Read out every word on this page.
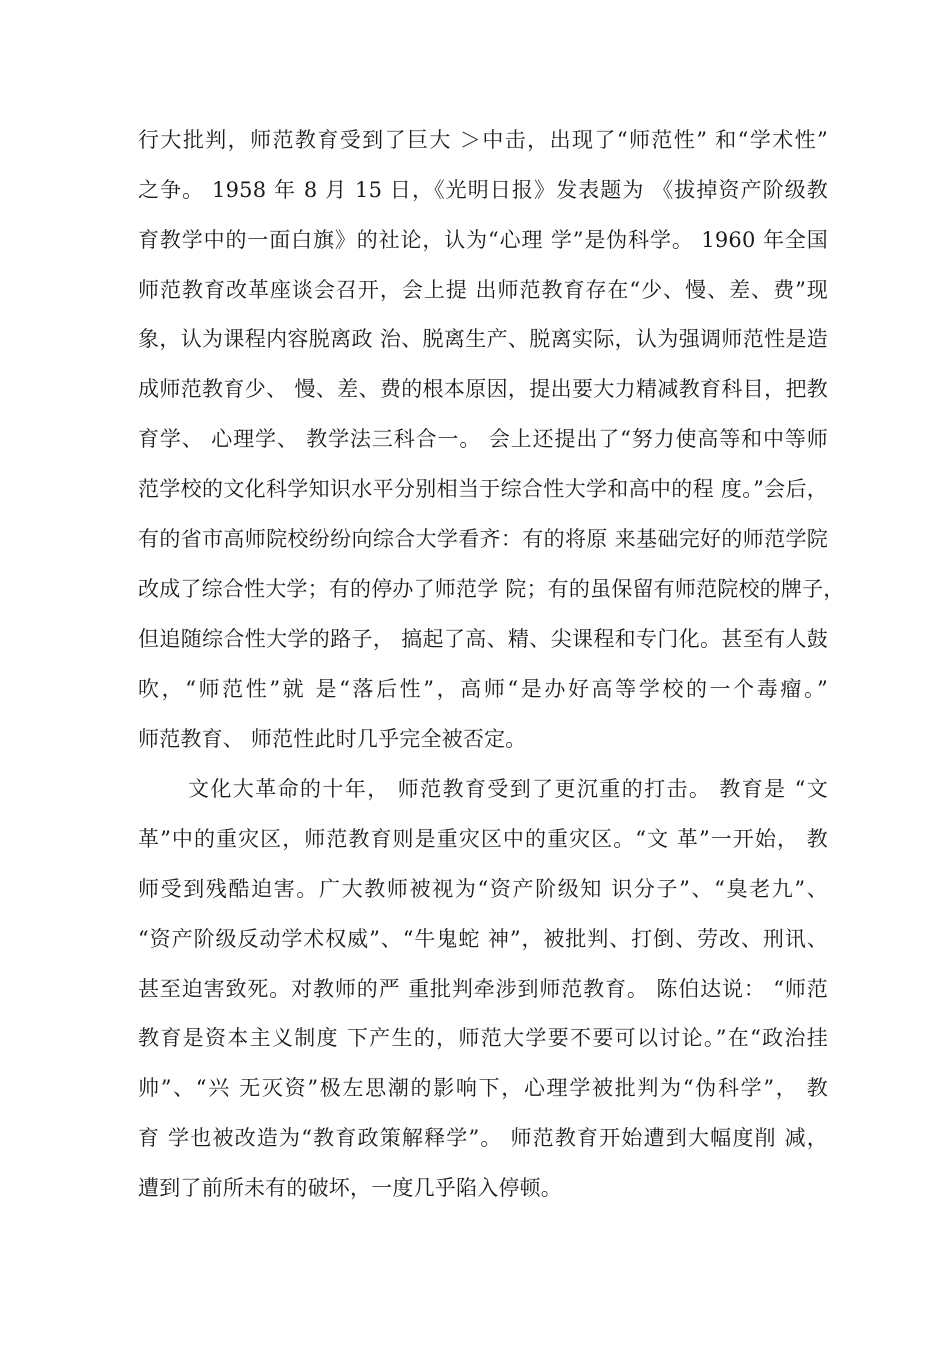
行大批判，师范教育受到了巨大 ＞中击，出现了“师范性” 和“学术性”
之争。 1958 年 8 月 15 日，《光明日报》发表题为 《拔掉资产阶级教
育教学中的一面白旗》的社论，认为“心理 学”是伪科学。 1960 年全国
师范教育改革座谈会召开，会上提 出师范教育存在“少、慢、差、费”现
象，认为课程内容脱离政 治、脱离生产、脱离实际，认为强调师范性是造
成师范教育少、 慢、差、费的根本原因，提出要大力精减教育科目，把教
育学、 心理学、 教学法三科合一。 会上还提出了“努力使高等和中等师
范学校的文化科学知识水平分别相当于综合性大学和高中的程 度。”会后，
有的省市高师院校纷纷向综合大学看齐：有的将原 来基础完好的师范学院
改成了综合性大学；有的停办了师范学 院；有的虽保留有师范院校的牌子，
但追随综合性大学的路子， 搞起了高、精、尖课程和专门化。甚至有人鼓
吹，“师范性”就 是“落后性”，高师“是办好高等学校的一个毒瘤。”
师范教育、 师范性此时几乎完全被否定。
文化大革命的十年， 师范教育受到了更沉重的打击。 教育是 “文
革”中的重灾区，师范教育则是重灾区中的重灾区。“文 革”一开始， 教
师受到残酷迫害。广大教师被视为“资产阶级知 识分子”、“臭老九”、
“资产阶级反动学术权威”、“牛鬼蛇 神”，被批判、打倒、劳改、刑讯、
甚至迫害致死。对教师的严 重批判牵涉到师范教育。 陈伯达说： “师范
教育是资本主义制度 下产生的，师范大学要不要可以讨论。”在“政治挂
帅”、“兴 无灭资”极左思潮的影响下，心理学被批判为“伪科学”， 教
育 学也被改造为“教育政策解释学”。 师范教育开始遭到大幅度削 减，
遭到了前所未有的破坏，一度几乎陷入停顿。
